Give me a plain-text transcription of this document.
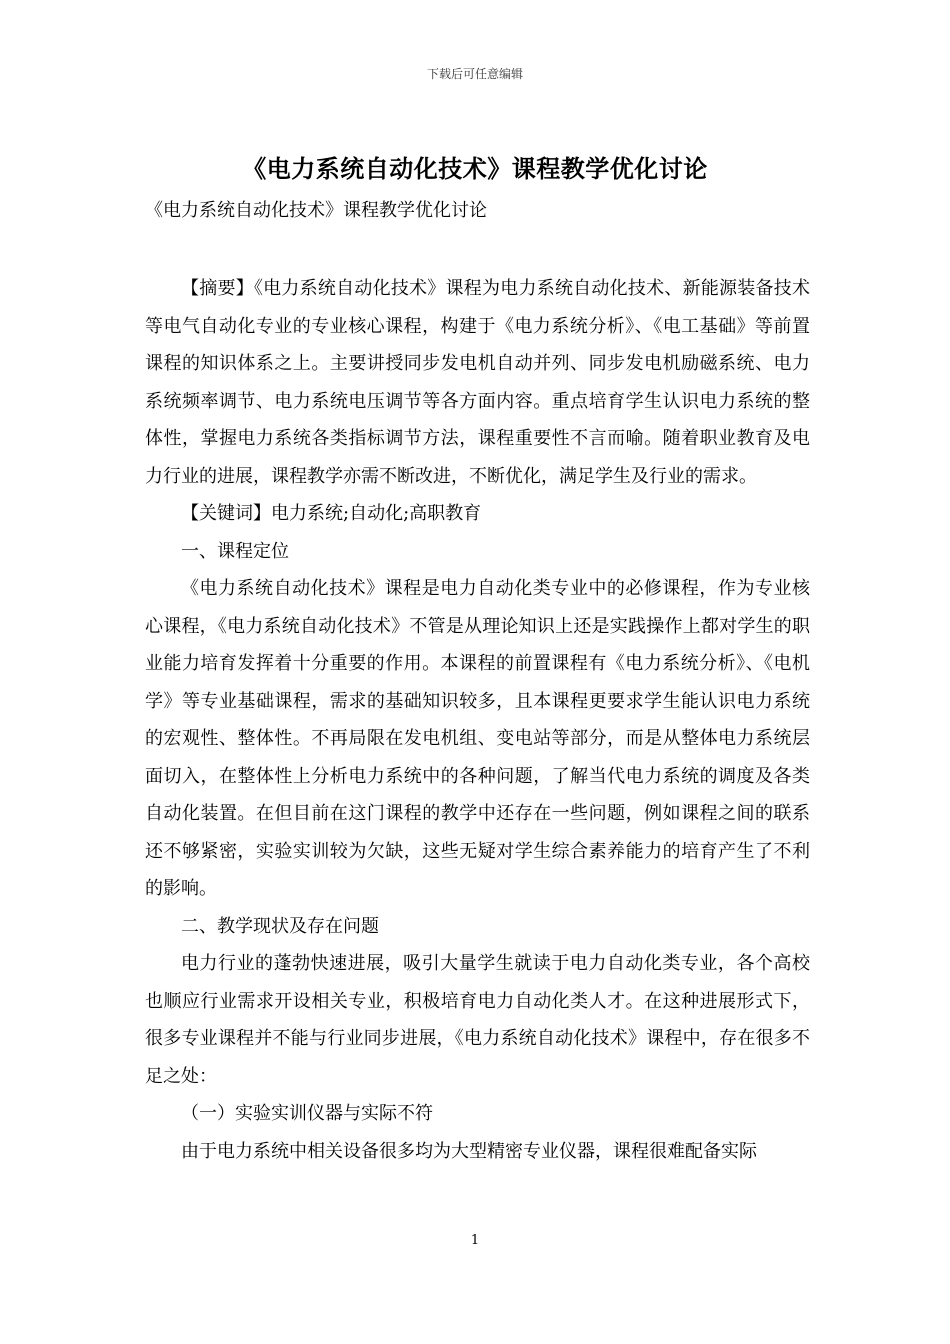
下载后可任意编辑
《电力系统自动化技术》课程教学优化讨论
《电力系统自动化技术》课程教学优化讨论

【摘要】《电力系统自动化技术》课程为电力系统自动化技术、新能源装备技术等电气自动化专业的专业核心课程，构建于《电力系统分析》、《电工基础》等前置课程的知识体系之上。主要讲授同步发电机自动并列、同步发电机励磁系统、电力系统频率调节、电力系统电压调节等各方面内容。重点培育学生认识电力系统的整体性，掌握电力系统各类指标调节方法，课程重要性不言而喻。随着职业教育及电力行业的进展，课程教学亦需不断改进，不断优化，满足学生及行业的需求。

【关键词】电力系统;自动化;高职教育

一、课程定位

《电力系统自动化技术》课程是电力自动化类专业中的必修课程，作为专业核心课程，《电力系统自动化技术》不管是从理论知识上还是实践操作上都对学生的职业能力培育发挥着十分重要的作用。本课程的前置课程有《电力系统分析》、《电机学》等专业基础课程，需求的基础知识较多，且本课程更要求学生能认识电力系统的宏观性、整体性。不再局限在发电机组、变电站等部分，而是从整体电力系统层面切入，在整体性上分析电力系统中的各种问题，了解当代电力系统的调度及各类自动化装置。在但目前在这门课程的教学中还存在一些问题，例如课程之间的联系还不够紧密，实验实训较为欠缺，这些无疑对学生综合素养能力的培育产生了不利的影响。

二、教学现状及存在问题

电力行业的蓬勃快速进展，吸引大量学生就读于电力自动化类专业，各个高校也顺应行业需求开设相关专业，积极培育电力自动化类人才。在这种进展形式下，很多专业课程并不能与行业同步进展，《电力系统自动化技术》课程中，存在很多不足之处：

（一）实验实训仪器与实际不符

由于电力系统中相关设备很多均为大型精密专业仪器，课程很难配备实际

1
